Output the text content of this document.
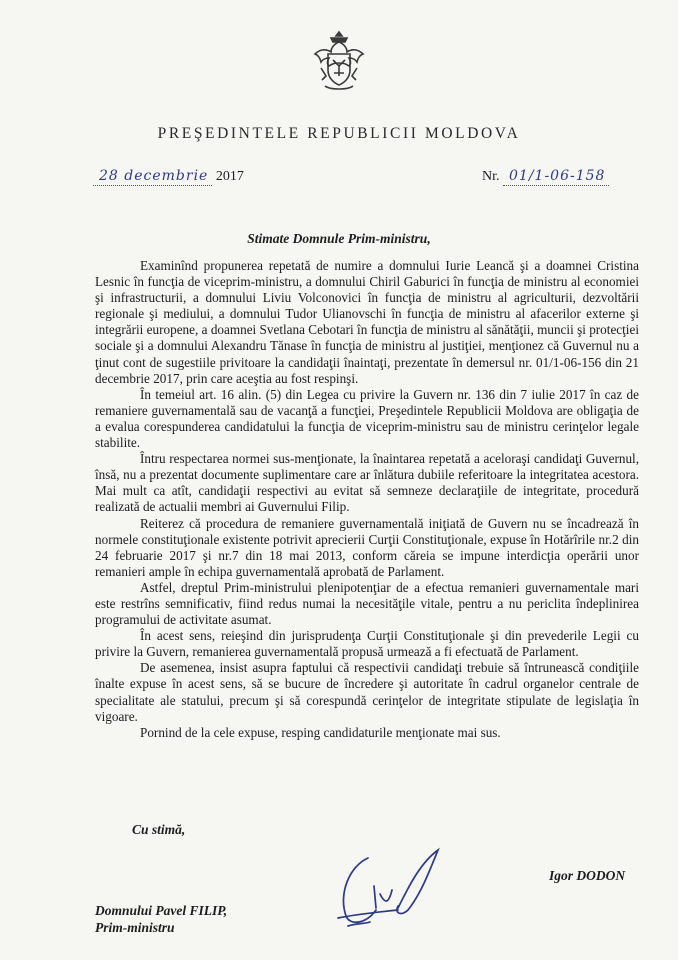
PREŞEDINTELE REPUBLICII MOLDOVA
28 decembrie 2017	Nr. 01/1-06-158
Stimate Domnule Prim-ministru,

Examinînd propunerea repetată de numire a domnului Iurie Leancă şi a doamnei Cristina Lesnic în funcţia de viceprim-ministru, a domnului Chiril Gaburici în funcţia de ministru al economiei şi infrastructurii, a domnului Liviu Volconovici în funcţia de ministru al agriculturii, dezvoltării regionale şi mediului, a domnului Tudor Ulianovschi în funcţia de ministru al afacerilor externe şi integrării europene, a doamnei Svetlana Cebotari în funcţia de ministru al sănătăţii, muncii şi protecţiei sociale şi a domnului Alexandru Tănase în funcţia de ministru al justiţiei, menţionez că Guvernul nu a ţinut cont de sugestiile privitoare la candidaţii înaintaţi, prezentate în demersul nr. 01/1-06-156 din 21 decembrie 2017, prin care aceştia au fost respinşi.

În temeiul art. 16 alin. (5) din Legea cu privire la Guvern nr. 136 din 7 iulie 2017 în caz de remaniere guvernamentală sau de vacanţă a funcţiei, Preşedintele Republicii Moldova are obligaţia de a evalua corespunderea candidatului la funcţia de viceprim-ministru sau de ministru cerinţelor legale stabilite.

Întru respectarea normei sus-menţionate, la înaintarea repetată a aceloraşi candidaţi Guvernul, însă, nu a prezentat documente suplimentare care ar înlătura dubiile referitoare la integritatea acestora. Mai mult ca atît, candidaţii respectivi au evitat să semneze declaraţiile de integritate, procedură realizată de actualii membri ai Guvernului Filip.

Reiterez că procedura de remaniere guvernamentală iniţiată de Guvern nu se încadrează în normele constituţionale existente potrivit aprecierii Curţii Constituţionale, expuse în Hotărîrile nr.2 din 24 februarie 2017 şi nr.7 din 18 mai 2013, conform căreia se impune interdicţia operării unor remanieri ample în echipa guvernamentală aprobată de Parlament.

Astfel, dreptul Prim-ministrului plenipotenţiar de a efectua remanieri guvernamentale mari este restrîns semnificativ, fiind redus numai la necesităţile vitale, pentru a nu periclita îndeplinirea programului de activitate asumat.

În acest sens, reieşind din jurisprudenţa Curţii Constituţionale şi din prevederile Legii cu privire la Guvern, remanierea guvernamentală propusă urmează a fi efectuată de Parlament.

De asemenea, insist asupra faptului că respectivii candidaţi trebuie să întrunească condiţiile înalte expuse în acest sens, să se bucure de încredere şi autoritate în cadrul organelor centrale de specialitate ale statului, precum şi să corespundă cerinţelor de integritate stipulate de legislaţia în vigoare.

Pornind de la cele expuse, resping candidaturile menţionate mai sus.

Cu stimă,
Igor DODON
Domnului Pavel FILIP,
Prim-ministru
